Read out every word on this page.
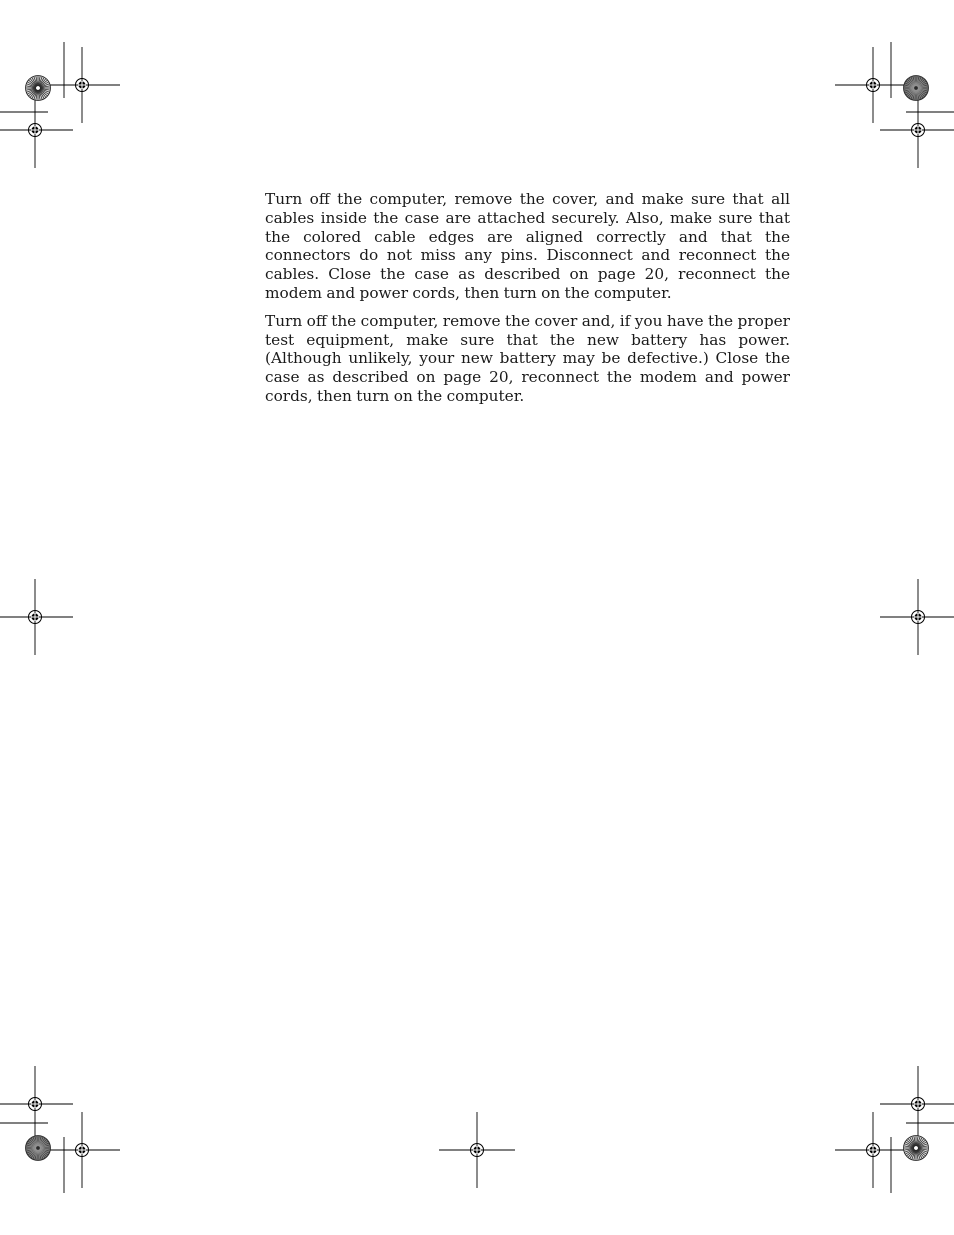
Turn off the computer, remove the cover, and make sure that all cables inside the case are attached securely. Also, make sure that the colored cable edges are aligned correctly and that the connectors do not miss any pins. Disconnect and reconnect the cables. Close the case as described on page 20, reconnect the modem and power cords, then turn on the computer.

Turn off the computer, remove the cover and, if you have the proper test equipment, make sure that the new battery has power. (Although unlikely, your new battery may be defective.) Close the case as described on page 20, reconnect the modem and power cords, then turn on the computer.
